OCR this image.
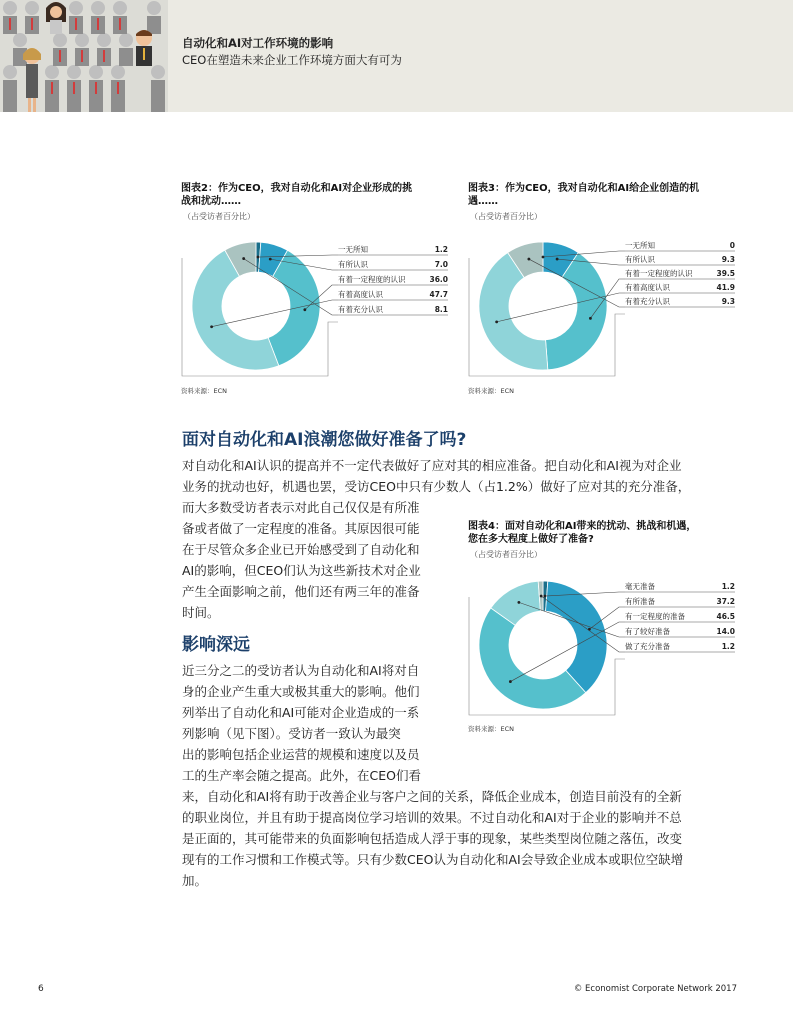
自动化和AI对工作环境的影响
CEO在塑造未来企业工作环境方面大有可为
图表2：作为CEO，我对自动化和AI对企业形成的挑
战和扰动……
（占受访者百分比）
一无所知	1.2
有所认识	7.0
有着一定程度的认识	36.0
有着高度认识	47.7
有着充分认识	8.1
资料来源：ECN
图表3：作为CEO，我对自动化和AI给企业创造的机
遇……
（占受访者百分比）
一无所知	0
有所认识	9.3
有着一定程度的认识	39.5
有着高度认识	41.9
有着充分认识	9.3
资料来源：ECN
面对自动化和AI浪潮您做好准备了吗?

对自动化和AI认识的提高并不一定代表做好了应对其的相应准备。把自动化和AI视为对企业

业务的扰动也好，机遇也罢，受访CEO中只有少数人（占1.2%）做好了应对其的充分准备，

而大多数受访者表示对此自己仅仅是有所准

备或者做了一定程度的准备。其原因很可能

在于尽管众多企业已开始感受到了自动化和

AI的影响，但CEO们认为这些新技术对企业

产生全面影响之前，他们还有两三年的准备

时间。

图表4：面对自动化和AI带来的扰动、挑战和机遇，
您在多大程度上做好了准备?
（占受访者百分比）
毫无准备	1.2
有所准备	37.2
有一定程度的准备	46.5
有了较好准备	14.0
做了充分准备	1.2
资料来源：ECN
影响深远

近三分之二的受访者认为自动化和AI将对自

身的企业产生重大或极其重大的影响。他们

列举出了自动化和AI可能对企业造成的一系

列影响（见下图）。受访者一致认为最突

出的影响包括企业运营的规模和速度以及员

工的生产率会随之提高。此外，在CEO们看

来，自动化和AI将有助于改善企业与客户之间的关系，降低企业成本，创造目前没有的全新

的职业岗位，并且有助于提高岗位学习培训的效果。不过自动化和AI对于企业的影响并不总

是正面的，其可能带来的负面影响包括造成人浮于事的现象，某些类型岗位随之落伍，改变

现有的工作习惯和工作模式等。只有少数CEO认为自动化和AI会导致企业成本或职位空缺增

加。

6	© Economist Corporate Network 2017
